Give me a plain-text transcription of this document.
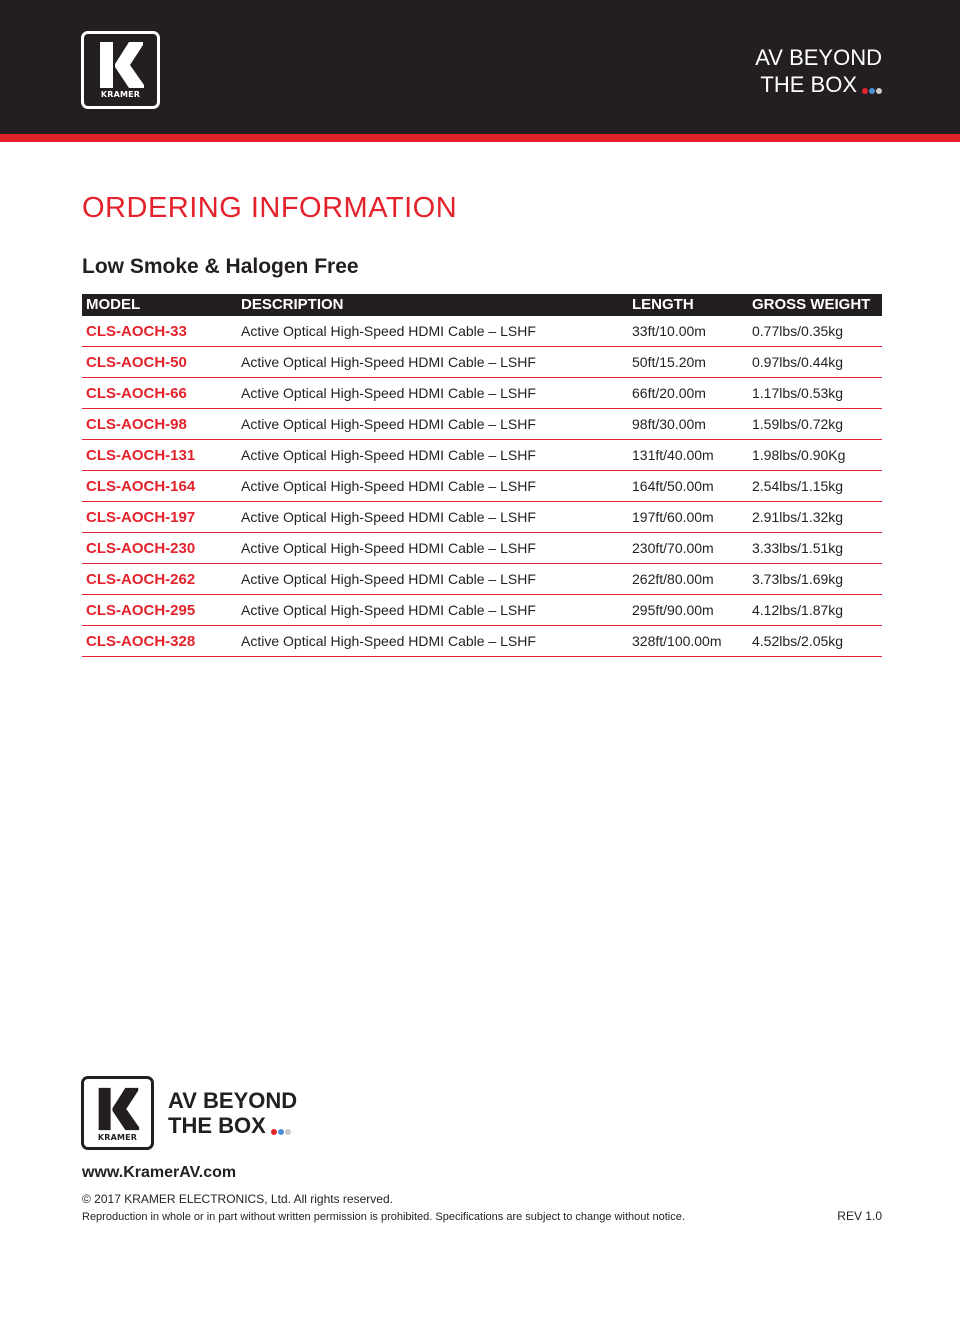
KRAMER
AV BEYOND
THE BOX
ORDERING INFORMATION
Low Smoke & Halogen Free
MODEL	DESCRIPTION	LENGTH	GROSS WEIGHT
CLS-AOCH-33	Active Optical High-Speed HDMI Cable – LSHF	33ft/10.00m	0.77lbs/0.35kg
CLS-AOCH-50	Active Optical High-Speed HDMI Cable – LSHF	50ft/15.20m	0.97lbs/0.44kg
CLS-AOCH-66	Active Optical High-Speed HDMI Cable – LSHF	66ft/20.00m	1.17lbs/0.53kg
CLS-AOCH-98	Active Optical High-Speed HDMI Cable – LSHF	98ft/30.00m	1.59lbs/0.72kg
CLS-AOCH-131	Active Optical High-Speed HDMI Cable – LSHF	131ft/40.00m	1.98lbs/0.90Kg
CLS-AOCH-164	Active Optical High-Speed HDMI Cable – LSHF	164ft/50.00m	2.54lbs/1.15kg
CLS-AOCH-197	Active Optical High-Speed HDMI Cable – LSHF	197ft/60.00m	2.91lbs/1.32kg
CLS-AOCH-230	Active Optical High-Speed HDMI Cable – LSHF	230ft/70.00m	3.33lbs/1.51kg
CLS-AOCH-262	Active Optical High-Speed HDMI Cable – LSHF	262ft/80.00m	3.73lbs/1.69kg
CLS-AOCH-295	Active Optical High-Speed HDMI Cable – LSHF	295ft/90.00m	4.12lbs/1.87kg
CLS-AOCH-328	Active Optical High-Speed HDMI Cable – LSHF	328ft/100.00m	4.52lbs/2.05kg
KRAMER
AV BEYOND
THE BOX
www.KramerAV.com
© 2017 KRAMER ELECTRONICS, Ltd. All rights reserved.
Reproduction in whole or in part without written permission is prohibited. Specifications are subject to change without notice.	REV 1.0
